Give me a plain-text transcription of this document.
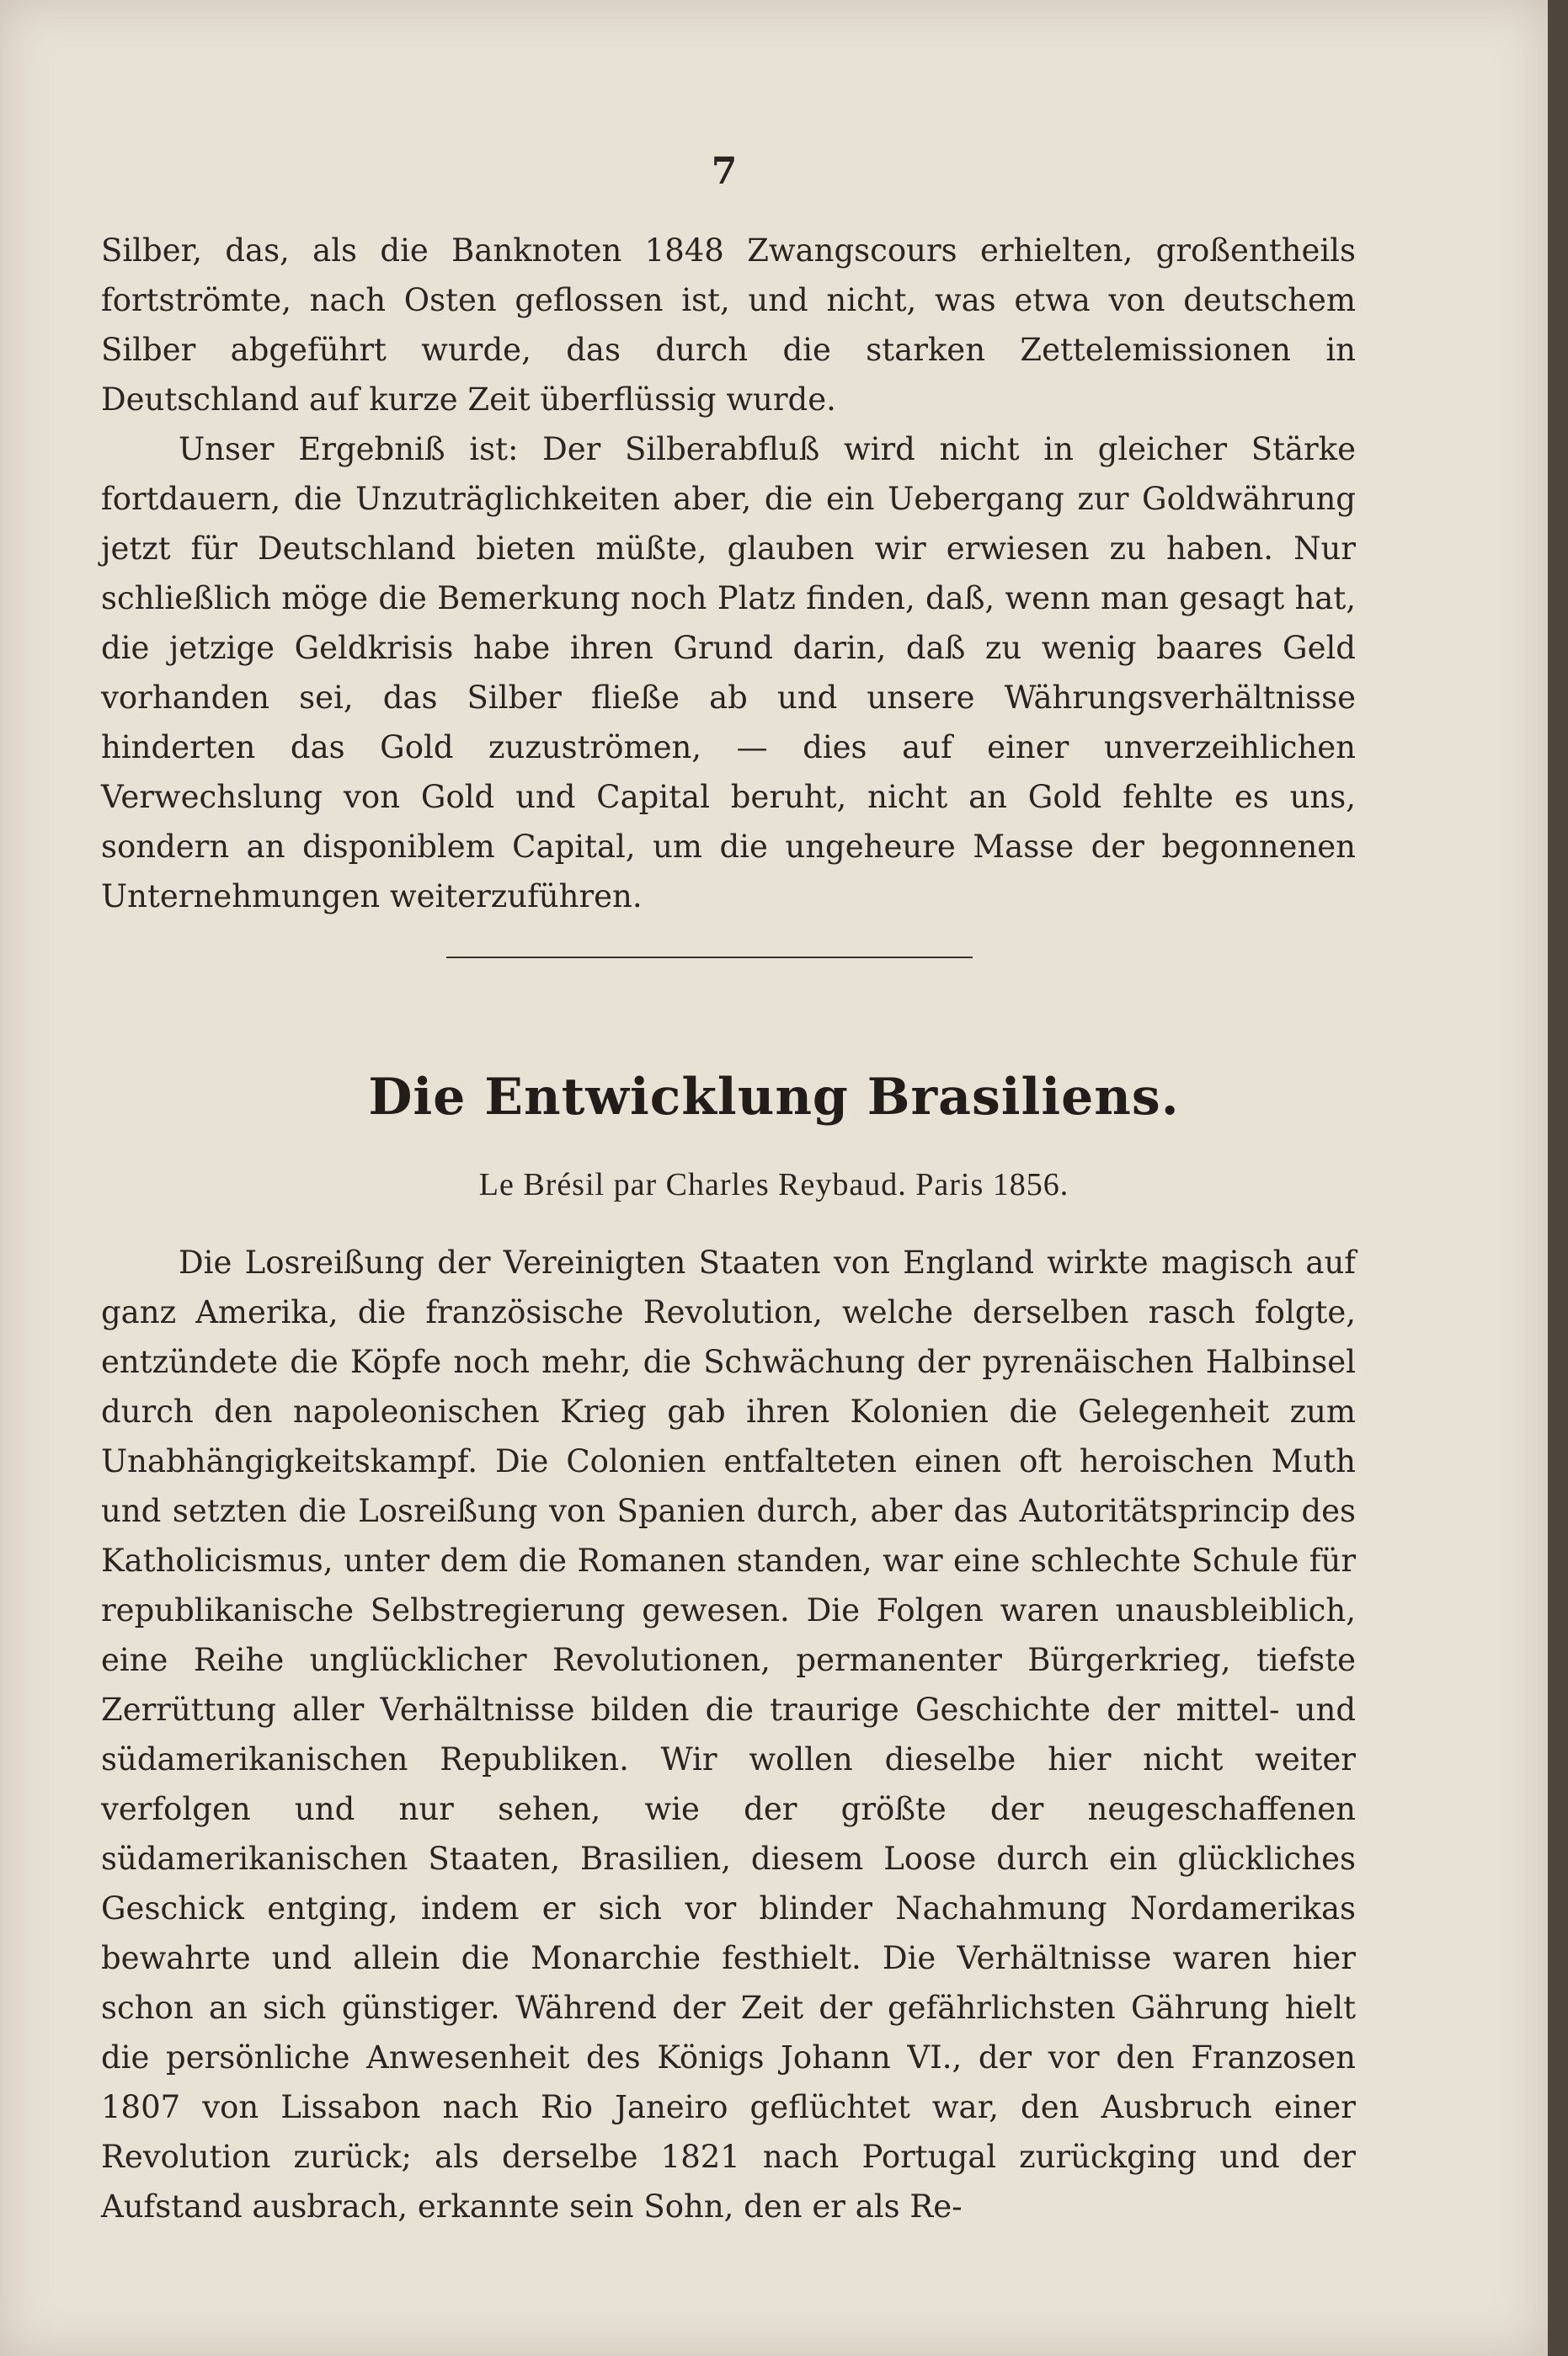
7

Silber, das, als die Banknoten 1848 Zwangscours erhielten, großentheils fortströmte, nach Osten geflossen ist, und nicht, was etwa von deutschem Silber abgeführt wurde, das durch die starken Zettelemissionen in Deutschland auf kurze Zeit überflüssig wurde.

Unser Ergebniß ist: Der Silberabfluß wird nicht in gleicher Stärke fortdauern, die Unzuträglichkeiten aber, die ein Uebergang zur Goldwährung jetzt für Deutschland bieten müßte, glauben wir erwiesen zu haben. Nur schließlich möge die Bemerkung noch Platz finden, daß, wenn man gesagt hat, die jetzige Geldkrisis habe ihren Grund darin, daß zu wenig baares Geld vorhanden sei, das Silber fließe ab und unsere Währungsverhältnisse hinderten das Gold zuzuströmen, — dies auf einer unverzeihlichen Verwechslung von Gold und Capital beruht, nicht an Gold fehlte es uns, sondern an disponiblem Capital, um die ungeheure Masse der begonnenen Unternehmungen weiterzuführen.

Die Entwicklung Brasiliens.
Le Brésil par Charles Reybaud. Paris 1856.

Die Losreißung der Vereinigten Staaten von England wirkte magisch auf ganz Amerika, die französische Revolution, welche derselben rasch folgte, entzündete die Köpfe noch mehr, die Schwächung der pyrenäischen Halbinsel durch den napoleonischen Krieg gab ihren Kolonien die Gelegenheit zum Unabhängigkeitskampf. Die Colonien entfalteten einen oft heroischen Muth und setzten die Losreißung von Spanien durch, aber das Autoritätsprincip des Katholicismus, unter dem die Romanen standen, war eine schlechte Schule für republikanische Selbstregierung gewesen. Die Folgen waren unausbleiblich, eine Reihe unglücklicher Revolutionen, permanenter Bürgerkrieg, tiefste Zerrüttung aller Verhältnisse bilden die traurige Geschichte der mittel- und südamerikanischen Republiken. Wir wollen dieselbe hier nicht weiter verfolgen und nur sehen, wie der größte der neugeschaffenen südamerikanischen Staaten, Brasilien, diesem Loose durch ein glückliches Geschick entging, indem er sich vor blinder Nachahmung Nordamerikas bewahrte und allein die Monarchie festhielt. Die Verhältnisse waren hier schon an sich günstiger. Während der Zeit der gefährlichsten Gährung hielt die persönliche Anwesenheit des Königs Johann VI., der vor den Franzosen 1807 von Lissabon nach Rio Janeiro geflüchtet war, den Ausbruch einer Revolution zurück; als derselbe 1821 nach Portugal zurückging und der Aufstand ausbrach, erkannte sein Sohn, den er als Re-
